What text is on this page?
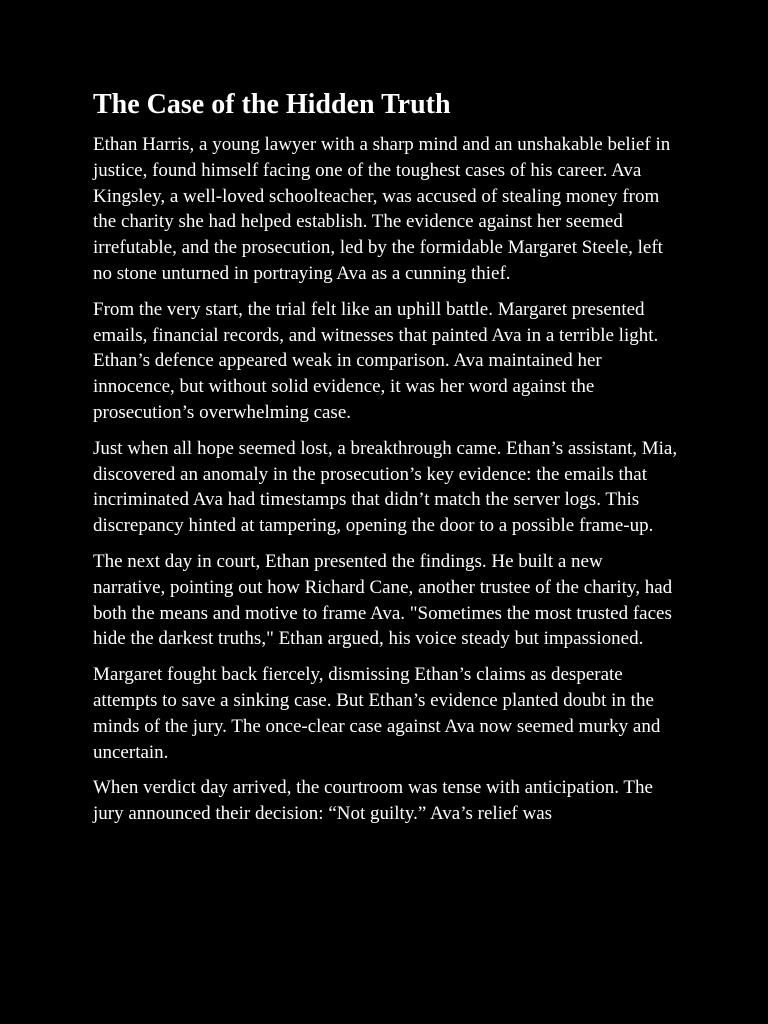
The Case of the Hidden Truth

Ethan Harris, a young lawyer with a sharp mind and an unshakable belief in justice, found himself facing one of the toughest cases of his career. Ava Kingsley, a well-loved schoolteacher, was accused of stealing money from the charity she had helped establish. The evidence against her seemed irrefutable, and the prosecution, led by the formidable Margaret Steele, left no stone unturned in portraying Ava as a cunning thief.

From the very start, the trial felt like an uphill battle. Margaret presented emails, financial records, and witnesses that painted Ava in a terrible light. Ethan’s defence appeared weak in comparison. Ava maintained her innocence, but without solid evidence, it was her word against the prosecution’s overwhelming case.

Just when all hope seemed lost, a breakthrough came. Ethan’s assistant, Mia, discovered an anomaly in the prosecution’s key evidence: the emails that incriminated Ava had timestamps that didn’t match the server logs. This discrepancy hinted at tampering, opening the door to a possible frame-up.

The next day in court, Ethan presented the findings. He built a new narrative, pointing out how Richard Cane, another trustee of the charity, had both the means and motive to frame Ava. "Sometimes the most trusted faces hide the darkest truths," Ethan argued, his voice steady but impassioned.

Margaret fought back fiercely, dismissing Ethan’s claims as desperate attempts to save a sinking case. But Ethan’s evidence planted doubt in the minds of the jury. The once-clear case against Ava now seemed murky and uncertain.

When verdict day arrived, the courtroom was tense with anticipation. The jury announced their decision: “Not guilty.” Ava’s relief was
